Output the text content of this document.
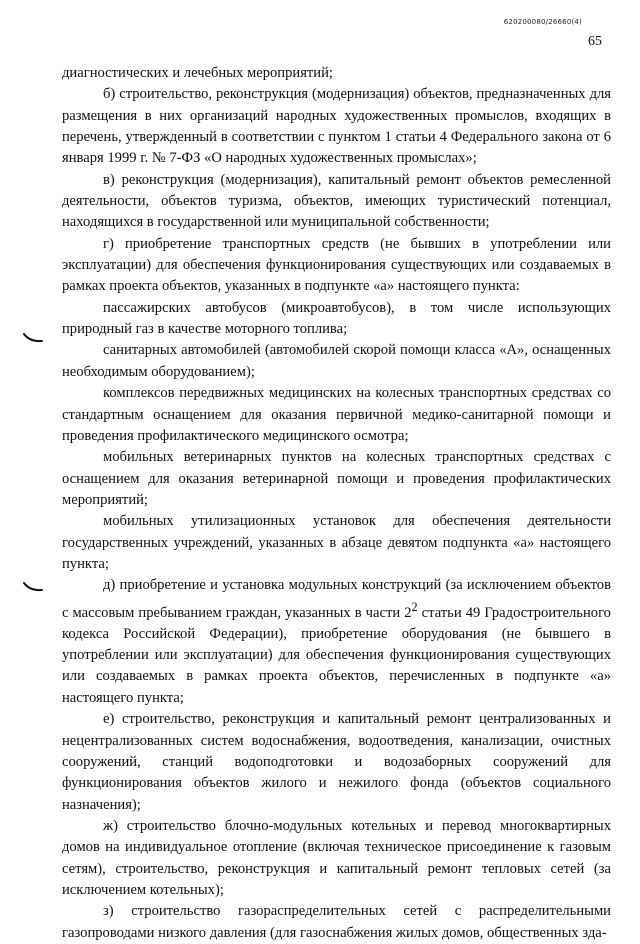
620200080/26660(4)
65

диагностических и лечебных мероприятий;

б) строительство, реконструкция (модернизация) объектов, предназначенных для размещения в них организаций народных художественных промыслов, входящих в перечень, утвержденный в соответствии с пунктом 1 статьи 4 Федерального закона от 6 января 1999 г. № 7-ФЗ «О народных художественных промыслах»;

в) реконструкция (модернизация), капитальный ремонт объектов ремесленной деятельности, объектов туризма, объектов, имеющих туристический потенциал, находящихся в государственной или муниципальной собственности;

г) приобретение транспортных средств (не бывших в употреблении или эксплуатации) для обеспечения функционирования существующих или создаваемых в рамках проекта объектов, указанных в подпункте «а» настоящего пункта:

пассажирских автобусов (микроавтобусов), в том числе использующих природный газ в качестве моторного топлива;

санитарных автомобилей (автомобилей скорой помощи класса «А», оснащенных необходимым оборудованием);

комплексов передвижных медицинских на колесных транспортных средствах со стандартным оснащением для оказания первичной медико-санитарной помощи и проведения профилактического медицинского осмотра;

мобильных ветеринарных пунктов на колесных транспортных средствах с оснащением для оказания ветеринарной помощи и проведения профилактических мероприятий;

мобильных утилизационных установок для обеспечения деятельности государственных учреждений, указанных в абзаце девятом подпункта «а» настоящего пункта;

д) приобретение и установка модульных конструкций (за исключением объектов с массовым пребыванием граждан, указанных в части $2^2$ статьи 49 Градостроительного кодекса Российской Федерации), приобретение оборудования (не бывшего в употреблении или эксплуатации) для обеспечения функционирования существующих или создаваемых в рамках проекта объектов, перечисленных в подпункте «а» настоящего пункта;

е) строительство, реконструкция и капитальный ремонт централизованных и нецентрализованных систем водоснабжения, водоотведения, канализации, очистных сооружений, станций водоподготовки и водозаборных сооружений для функционирования объектов жилого и нежилого фонда (объектов социального назначения);

ж) строительство блочно-модульных котельных и перевод многоквартирных домов на индивидуальное отопление (включая техническое присоединение к газовым сетям), строительство, реконструкция и капитальный ремонт тепловых сетей (за исключением котельных);

з) строительство газораспределительных сетей с распределительными газопроводами низкого давления (для газоснабжения жилых домов, общественных зда-
